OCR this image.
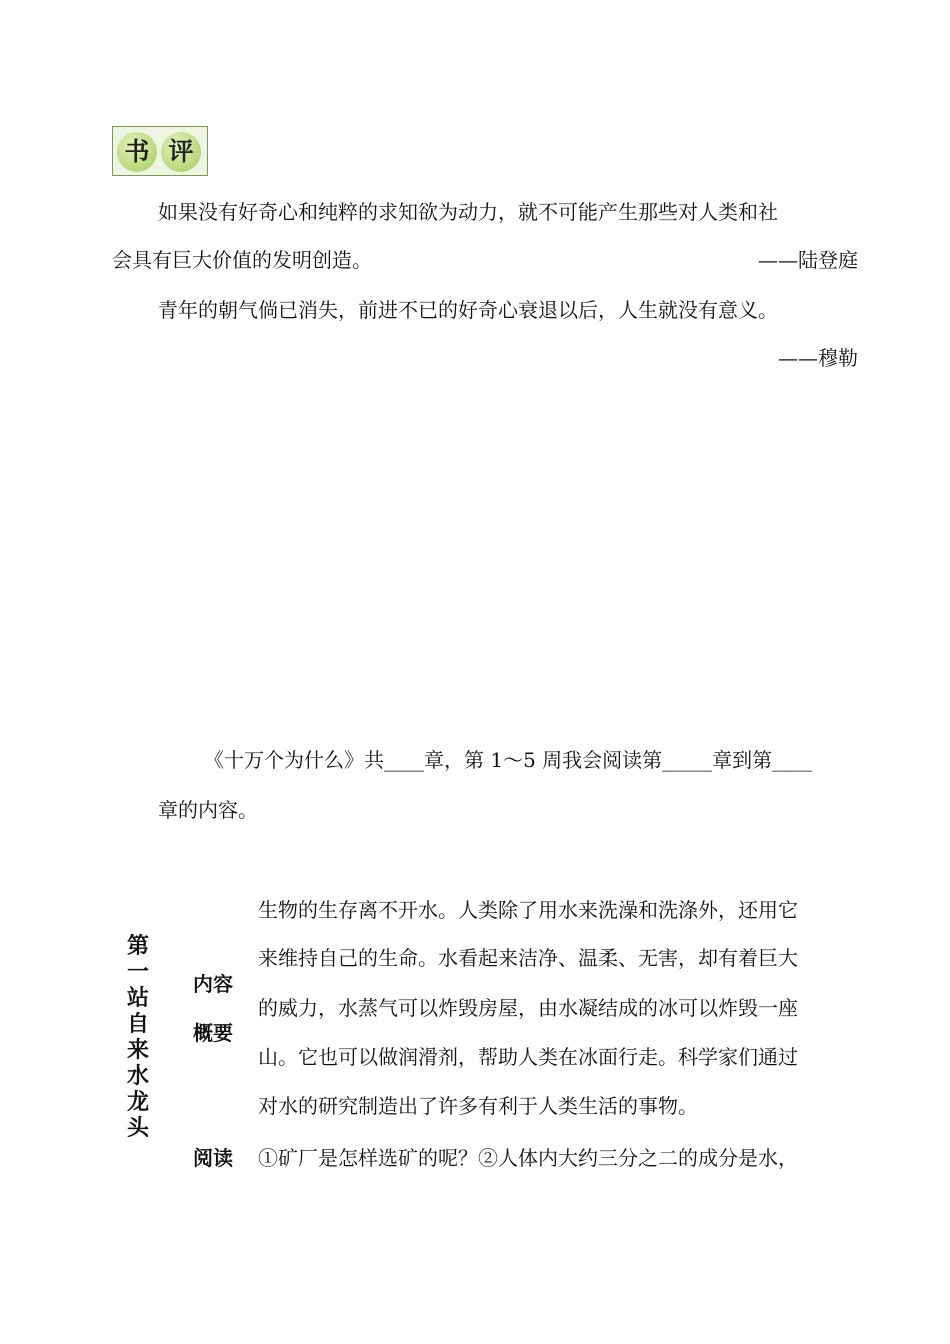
书 评
如果没有好奇心和纯粹的求知欲为动力，就不可能产生那些对人类和社
会具有巨大价值的发明创造。	——陆登庭
青年的朝气倘已消失，前进不已的好奇心衰退以后，人生就没有意义。
——穆勒
《十万个为什么》共____章，第 1～5 周我会阅读第_____章到第____
章的内容。
第一站 自来水龙头
内容
概要
生物的生存离不开水。人类除了用水来洗澡和洗涤外，还用它
来维持自己的生命。水看起来洁净、温柔、无害，却有着巨大
的威力，水蒸气可以炸毁房屋，由水凝结成的冰可以炸毁一座
山。它也可以做润滑剂，帮助人类在冰面行走。科学家们通过
对水的研究制造出了许多有利于人类生活的事物。
阅读 ①矿厂是怎样选矿的呢？②人体内大约三分之二的成分是水，
